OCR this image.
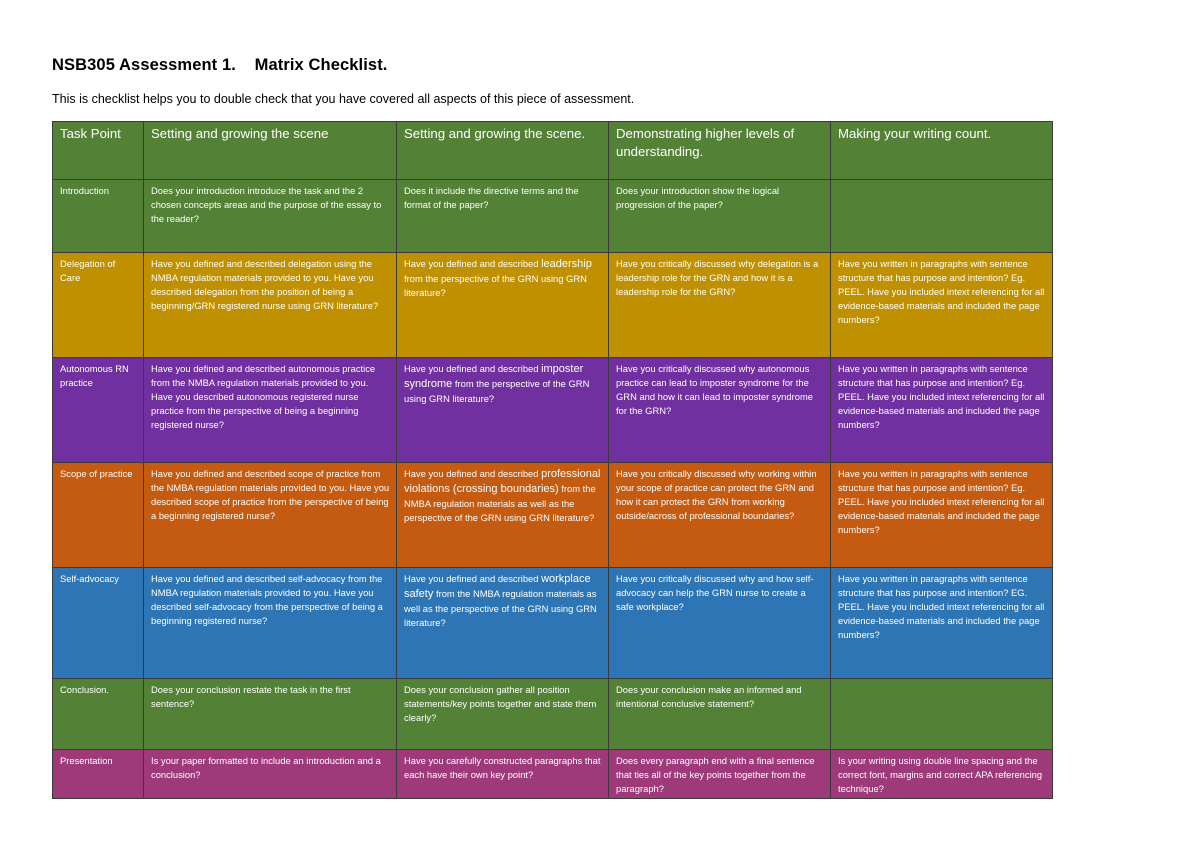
NSB305 Assessment 1.    Matrix Checklist.
This is checklist helps you to double check that you have covered all aspects of this piece of assessment.
Task Point	Setting and growing the scene	Setting and growing the scene.	Demonstrating higher levels of understanding.	Making your writing count.
Introduction	Does your introduction introduce the task and the 2 chosen concepts areas and the purpose of the essay to the reader?	Does it include the directive terms and the format of the paper?	Does your introduction show the logical progression of the paper?	
Delegation of Care	Have you defined and described delegation using the NMBA regulation materials provided to you. Have you described delegation from the position of being a beginning/GRN registered nurse using GRN literature?	Have you defined and described leadership from the perspective of the GRN using GRN literature?	Have you critically discussed why delegation is a leadership role for the GRN and how it is a leadership role for the GRN?	Have you written in paragraphs with sentence structure that has purpose and intention? Eg. PEEL. Have you included intext referencing for all evidence-based materials and included the page numbers?
Autonomous RN practice	Have you defined and described autonomous practice from the NMBA regulation materials provided to you. Have you described autonomous registered nurse practice from the perspective of being a beginning registered nurse?	Have you defined and described imposter syndrome from the perspective of the GRN using GRN literature?	Have you critically discussed why autonomous practice can lead to imposter syndrome for the GRN and how it can lead to imposter syndrome for the GRN?	Have you written in paragraphs with sentence structure that has purpose and intention? Eg. PEEL. Have you included intext referencing for all evidence-based materials and included the page numbers?
Scope of practice	Have you defined and described scope of practice from the NMBA regulation materials provided to you. Have you described scope of practice from the perspective of being a beginning registered nurse?	Have you defined and described professional violations (crossing boundaries) from the NMBA regulation materials as well as the perspective of the GRN using GRN literature?	Have you critically discussed why working within your scope of practice can protect the GRN and how it can protect the GRN from working outside/across of professional boundaries?	Have you written in paragraphs with sentence structure that has purpose and intention? Eg. PEEL. Have you included intext referencing for all evidence-based materials and included the page numbers?
Self-advocacy	Have you defined and described self-advocacy from the NMBA regulation materials provided to you. Have you described self-advocacy from the perspective of being a beginning registered nurse?	Have you defined and described workplace safety from the NMBA regulation materials as well as the perspective of the GRN using GRN literature?	Have you critically discussed why and how self-advocacy can help the GRN nurse to create a safe workplace?	Have you written in paragraphs with sentence structure that has purpose and intention? EG. PEEL. Have you included intext referencing for all evidence-based materials and included the page numbers?
Conclusion.	Does your conclusion restate the task in the first sentence?	Does your conclusion gather all position statements/key points together and state them clearly?	Does your conclusion make an informed and intentional conclusive statement?	
Presentation	Is your paper formatted to include an introduction and a conclusion?	Have you carefully constructed paragraphs that each have their own key point?	Does every paragraph end with a final sentence that ties all of the key points together from the paragraph?	Is your writing using double line spacing and the correct font, margins and correct APA referencing technique?
